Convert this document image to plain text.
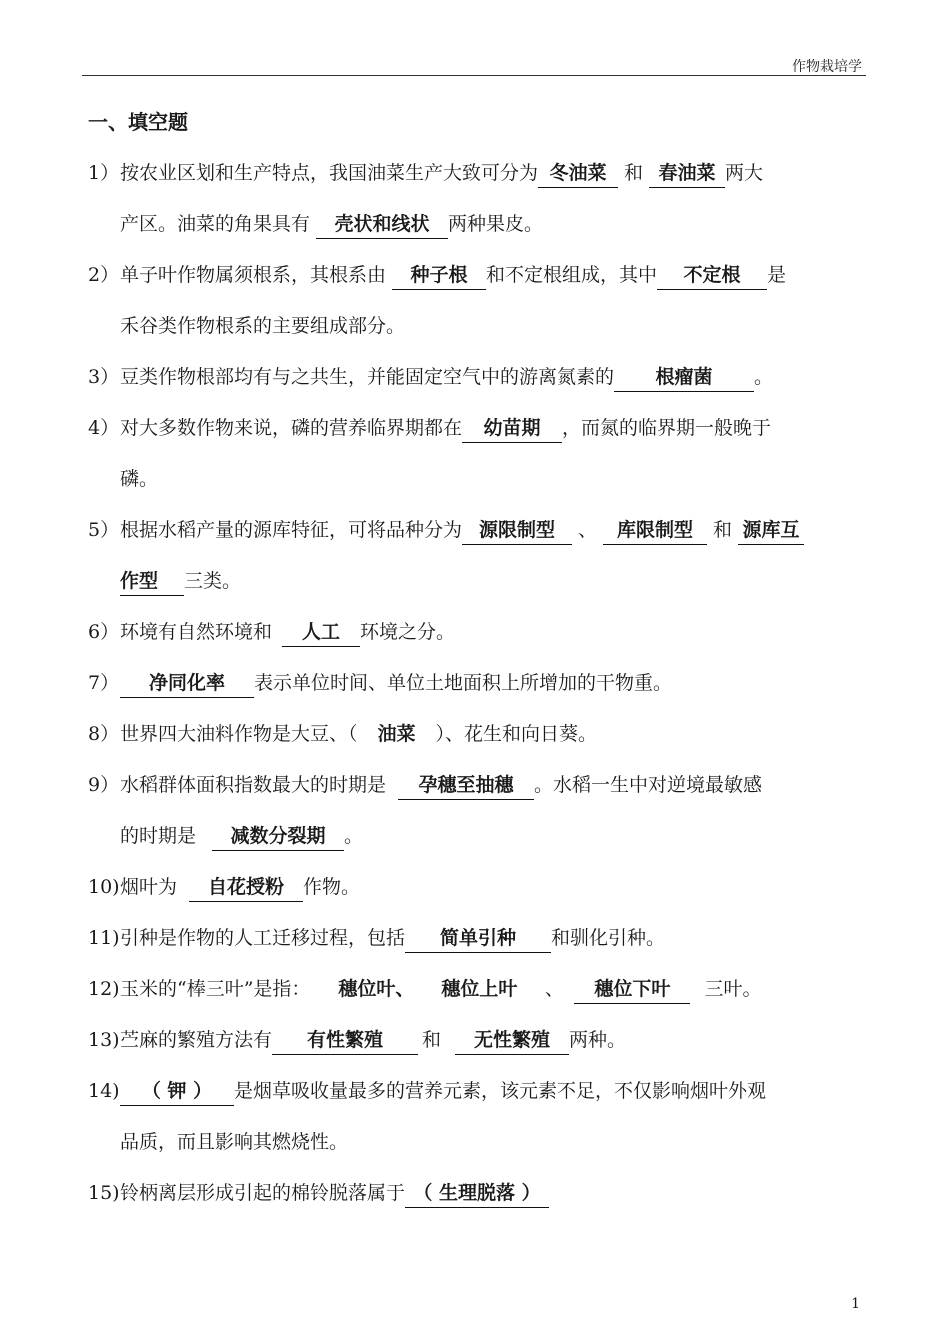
作物栽培学
一、填空题
1）按农业区划和生产特点，我国油菜生产大致可分为 冬油菜 和 春油菜 两大
产区。油菜的角果具有 壳状和线状 两种果皮。
2）单子叶作物属须根系，其根系由 种子根 和不定根组成，其中 不定根 是
禾谷类作物根系的主要组成部分。
3）豆类作物根部均有与之共生，并能固定空气中的游离氮素的 根瘤菌 。
4）对大多数作物来说，磷的营养临界期都在 幼苗期 ，而氮的临界期一般晚于
磷。
5）根据水稻产量的源库特征，可将品种分为 源限制型 、 库限制型 和 源库互
作型 三类。
6）环境有自然环境和 人工 环境之分。
7） 净同化率 表示单位时间、单位土地面积上所增加的干物重。
8）世界四大油料作物是大豆、（ 油菜 ）、花生和向日葵。
9）水稻群体面积指数最大的时期是 孕穗至抽穗 。水稻一生中对逆境最敏感
的时期是 减数分裂期 。
10)烟叶为 自花授粉 作物。
11)引种是作物的人工迁移过程，包括 简单引种 和驯化引种。
12)玉米的“棒三叶”是指： 穗位叶、 穗位上叶 、 穗位下叶 三叶。
13)苎麻的繁殖方法有 有性繁殖 和 无性繁殖 两种。
14) （ 钾 ） 是烟草吸收量最多的营养元素，该元素不足，不仅影响烟叶外观
品质，而且影响其燃烧性。
15)铃柄离层形成引起的棉铃脱落属于 （ 生理脱落 ）
1
